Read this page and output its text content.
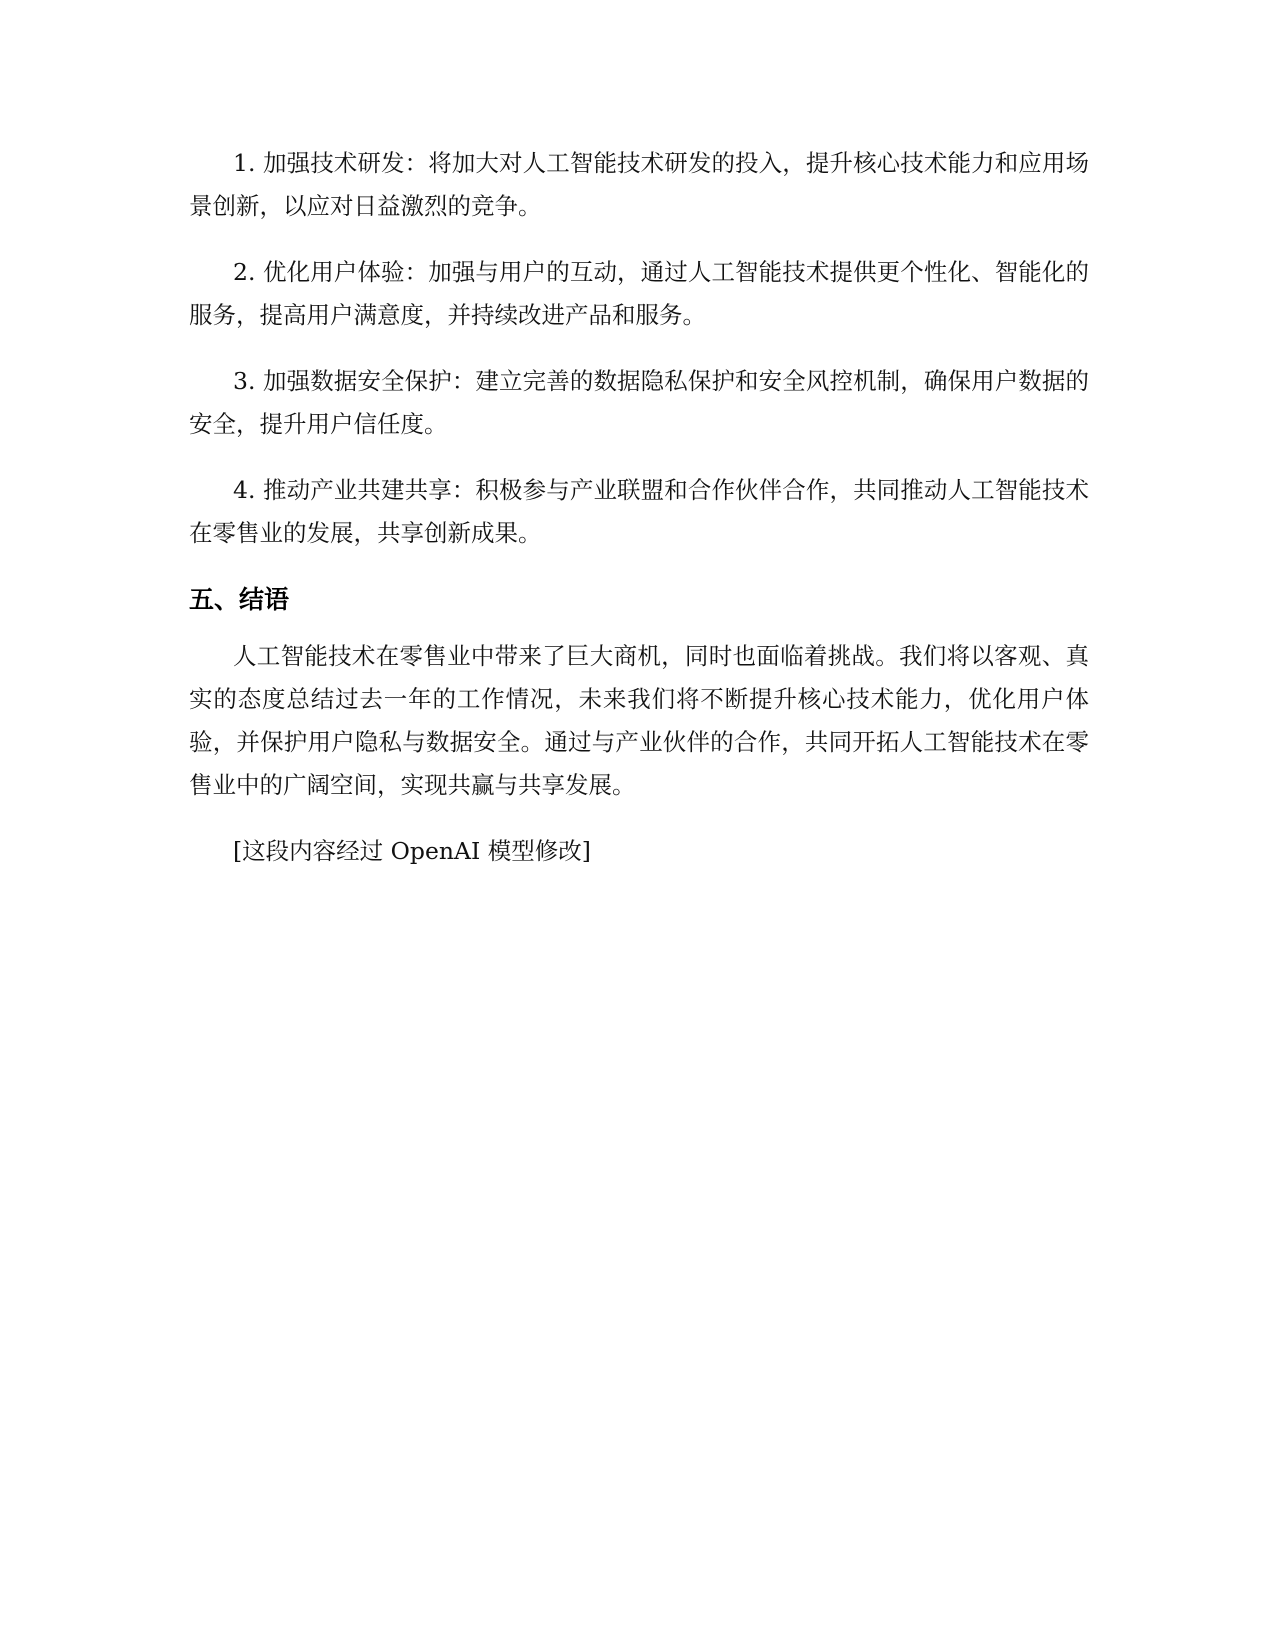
1. 加强技术研发：将加大对人工智能技术研发的投入，提升核心技术能力和应用场景创新，以应对日益激烈的竞争。

2. 优化用户体验：加强与用户的互动，通过人工智能技术提供更个性化、智能化的服务，提高用户满意度，并持续改进产品和服务。

3. 加强数据安全保护：建立完善的数据隐私保护和安全风控机制，确保用户数据的安全，提升用户信任度。

4. 推动产业共建共享：积极参与产业联盟和合作伙伴合作，共同推动人工智能技术在零售业的发展，共享创新成果。

五、结语

人工智能技术在零售业中带来了巨大商机，同时也面临着挑战。我们将以客观、真实的态度总结过去一年的工作情况，未来我们将不断提升核心技术能力，优化用户体验，并保护用户隐私与数据安全。通过与产业伙伴的合作，共同开拓人工智能技术在零售业中的广阔空间，实现共赢与共享发展。

[这段内容经过 OpenAI 模型修改]
